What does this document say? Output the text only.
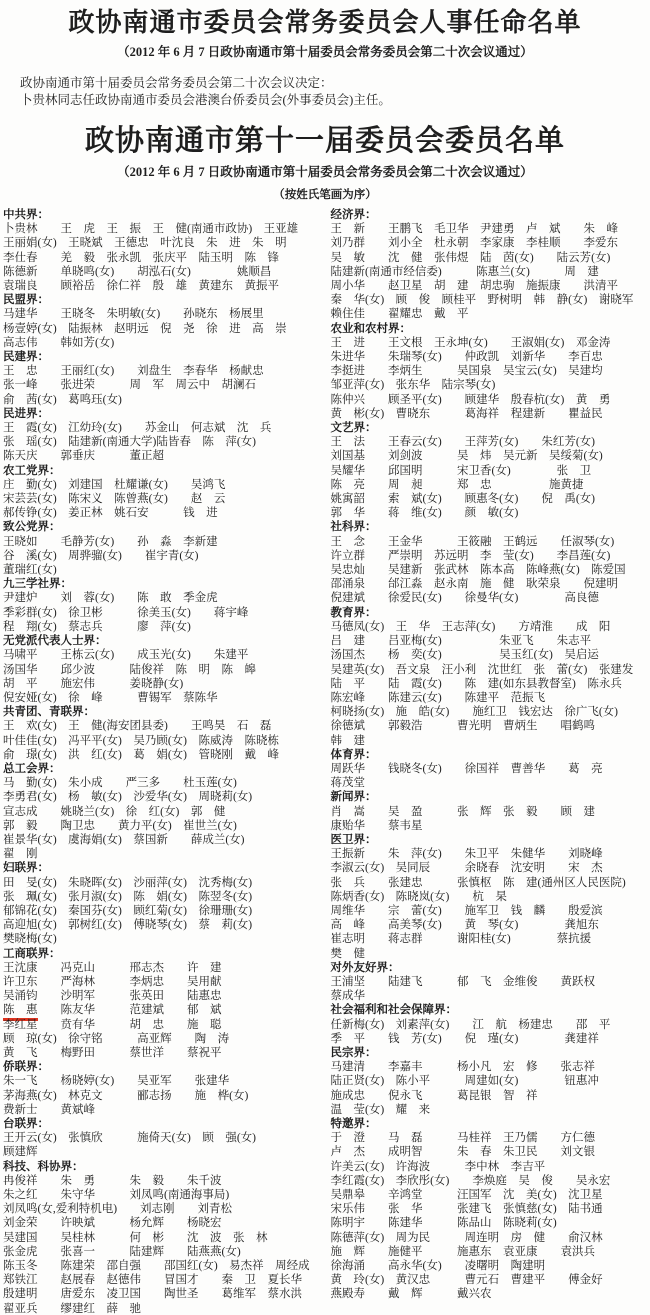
政协南通市委员会常务委员会人事任命名单
（2012 年 6 月 7 日政协南通市第十届委员会常务委员会第二十次会议通过）
政协南通市第十届委员会常务委员会第二十次会议决定：
卜贵林同志任政协南通市委员会港澳台侨委员会(外事委员会)主任。
政协南通市第十一届委员会委员名单
（2012 年 6 月 7 日政协南通市第十届委员会常务委员会第二十次会议通过）
（按姓氏笔画为序）
中共界：
卜贵林　　王　虎　王　振　王　健(南通市政协)　王亚雄
王丽娟(女)　王晓斌　王德忠　叶沈良　朱　进　朱　明
李仕春　　羌　毅　张永凯　张庆平　陆玉明　陈　锋
陈德新　　单晓鸣(女)　　胡泓石(女)　　　　姚顺昌
袁瑞良　　顾裕岳　徐仁祥　殷　雄　黄建东　黄振平
民盟界：
马建华　　王晓冬　朱明敏(女)　　孙晓东　杨展里
杨壹婷(女)　陆振林　赵明远　倪　尧　徐　进　高　崇
高志伟　　韩如芳(女)
民建界：
王　忠　　王丽红(女)　　刘盘生　李春华　杨献忠
张一峰　　张进荣　　　周　军　周云中　胡澜石
俞　茜(女)　葛鸣珏(女)
民进界：
王　霞(女)　江幼玲(女)　　苏金山　何志斌　沈　兵
张　瑶(女)　陆建新(南通大学)陆皆春　陈　萍(女)
陈天庆　　郭垂庆　　　董正超
农工党界：
庄　勤(女)　刘建国　杜耀谦(女)　　吴鸿飞
宋芸芸(女)　陈宋义　陈曾燕(女)　　赵　云
郝传铮(女)　姜正林　姚石安　　　钱　进
致公党界：
王晓如　　毛静芳(女)　　孙　淼　李新建
谷　溪(女)　周骅骝(女)　　崔宇青(女)
董瑞红(女)
九三学社界：
尹建炉　　刘　蓉(女)　　陈　敢　季金虎
季彩群(女)　徐卫彬　　　徐美玉(女)　　蒋宇峰
程　翔(女)　蔡志兵　　　廖　萍(女)
无党派代表人士界：
马啸平　　王栋云(女)　　成玉光(女)　　朱建平
汤国华　　邱少波　　　陆俊祥　陈　明　陈　皞
胡　平　　施宏伟　　　姜晓静(女)
倪安娅(女)　徐　峰　　　曹锡军　蔡陈华
共青团、青联界：
王　欢(女)　王　健(海安团县委)　　王鸣昊　石　磊
叶佳佳(女)　冯平平(女)　吴乃顾(女)　陈威涛　陈晓栋
俞　璟(女)　洪　红(女)　葛　娟(女)　管晓刚　戴　峰
总工会界：
马　勤(女)　朱小成　　严三多　　杜玉莲(女)
李勇君(女)　杨　敏(女)　沙爱华(女)　周晓莉(女)
宣志成　　姚晓兰(女)　徐　红(女)　郭　健
郭　毅　　陶卫忠　　黄力平(女)　崔世兰(女)
崔景华(女)　虞海娟(女)　蔡国新　　薛成兰(女)
翟　刚
妇联界：
田　旻(女)　朱晓晖(女)　沙丽萍(女)　沈秀梅(女)
张　珮(女)　张月淑(女)　陈　娟(女)　陈翌冬(女)
郁锦花(女)　秦国芬(女)　顾红菊(女)　徐珊珊(女)
高迎旭(女)　郭树红(女)　傅晓琴(女)　蔡　莉(女)
樊晓梅(女)
工商联界：
王沈康　　冯克山　　　邢志杰　　许　建
许卫东　　严海林　　　李炳忠　　吴用献
吴涌钧　　沙明军　　　张英田　　陆惠忠
陈　惠　　陈友华　　　范建斌　　郁　斌
李红星　　贲有华　　　胡　忠　　施　聪
顾　琼(女)　徐守铭　　　高亚辉　　陶　涛
黄　飞　　梅野田　　　蔡世洋　　蔡祝平
侨联界：
朱一飞　　杨晓婷(女)　　吴亚军　　张建华
茅海燕(女)　林克文　　　郦志扬　　施　桦(女)
费新士　　黄斌峰
台联界：
王开云(女)　张慎欣　　　施倚天(女)　顾　强(女)
顾建辉
科技、科协界：
冉俊祥　　朱　勇　　　朱　毅　　朱千波
朱之红　　朱守华　　　刘凤鸣(南通海事局)
刘凤鸣(女,爱利特机电)　　刘志刚　　刘青松
刘金荣　　许映斌　　　杨允辉　　杨晓宏
吴建国　　吴桂林　　　何　彬　　沈　波　张　林
张金虎　　张喜一　　　陆建辉　　陆燕燕(女)
陈玉冬　　陈建荣　邵自强　　邵国红(女)　易杰祥　周经成
郑铁江　　赵展春　赵德伟　　冒国才　　秦　卫　夏长华
殷建明　　唐爱东　凌卫国　　陶世圣　　葛维军　蔡水洪
翟亚兵　　缪建红　薛　驰
经济界：
王　新　　王鹏飞　毛卫华　尹建勇　卢　斌　　朱　峰
刘乃群　　刘小全　杜永朝　李家康　李桂顺　　李爱东
吴　敏　　沈　健　张伟煜　陆　茵(女)　　陆云芳(女)
陆建新(南通市经信委)　　　陈惠兰(女)　　　周　建
周小华　　赵卫星　胡　建　胡忠驹　施振康　　洪清平
秦　华(女)　顾　俊　顾桂平　野树明　韩　静(女)　谢晓军
赖住佳　　翟耀忠　戴　平
农业和农村界：
王　进　　王文根　王永坤(女)　　王淑娟(女)　邓金涛
朱进华　　朱瑞琴(女)　　仲政凯　刘新华　　李百忠
李挺进　　李炳生　　　吴国泉　吴宝云(女)　吴建均
邹亚萍(女)　张东华　陆宗琴(女)
陈仲兴　　顾圣平(女)　　顾建华　殷春杭(女)　黄　勇
黄　彬(女)　曹晓东　　　葛海祥　程建新　　瞿益民
文艺界：
王　法　　王春云(女)　　王萍芳(女)　　朱红芳(女)
刘国基　　刘剑波　　　吴　炜　吴元新　吴绥菊(女)
吴耀华　　邱国明　　　宋卫香(女)　　　　张　卫
陈　亮　　周　昶　　　郑　忠　　　　　施黄捷
姚寓韶　　索　斌(女)　　顾惠冬(女)　　倪　禹(女)
郭　华　　蒋　维(女)　　颜　敏(女)
社科界：
王　念　　王金华　　　王筱融　王鹤远　　任淑琴(女)
许立群　　严崇明　苏远明　李　莹(女)　　李昌莲(女)
吴忠灿　　吴建新　张武林　陈本高　陈峰燕(女)　陈爱国
邵涌泉　　邰江淼　赵永南　施　健　耿荣泉　　倪建明
倪建斌　　徐爱民(女)　　徐曼华(女)　　　　高良德
教育界：
马德凤(女)　王　华　王志萍(女)　　方靖淮　　成　阳
吕　建　　吕亚梅(女)　　　　　朱亚飞　　朱志平
汤国杰　　杨　奕(女)　　　　　吴玉红(女)　吴启运
吴建英(女)　吾文泉　汪小利　沈世红　张　蕾(女)　张建发
陆　平　　陆　霞(女)　　陈　建(如东县教督室)　陈永兵
陈宏峰　　陈建云(女)　　陈建平　范振飞
柯晓扬(女)　施　皓(女)　　施红卫　钱宏达　徐广飞(女)
徐德斌　　郭毅浩　　　曹光明　曹炳生　　唱鹤鸣
韩　建
体育界：
周跃华　　钱晓冬(女)　　徐国祥　曹善华　　葛　亮
蒋茂堂
新闻界：
肖　嵩　　吴　盈　　　张　辉　张　毅　　顾　建
康贻华　　蔡韦星
医卫界：
王振新　　朱　萍(女)　　朱卫平　朱健华　　刘晓峰
李淑云(女)　吴同辰　　　余晓春　沈安明　　宋　杰
张　兵　　张建忠　　　张慎枢　陈　建(通州区人民医院)
陈炳香(女)　陈晓岚(女)　　杭　杲
周维华　　宗　蕾(女)　　施军卫　钱　麟　　殷爱滨
高　峰　　高美琴(女)　　黄　琴(女)　　　　龚旭东
崔志明　　蒋志群　　　谢阳桂(女)　　　　蔡抗援
樊　健
对外友好界：
王浦坚　　陆建飞　　　郁　飞　金维俊　　黄跃权
蔡成华
社会福利和社会保障界：
任新梅(女)　刘素萍(女)　　江　航　杨建忠　　邵　平
季　平　　钱　芳(女)　　倪　瑾(女)　　　　龚建祥
民宗界：
马建清　　李嘉丰　　　杨小凡　宏　修　　张志祥
陆正贤(女)　陈小平　　　周建如(女)　　　　钮惠冲
施成忠　　倪永飞　　　葛昆银　智　祥
温　莹(女)　耀　来
特邀界：
于　澄　　马　磊　　　马桂祥　王乃儒　　方仁德
卢　杰　　成明智　　　朱　春　朱卫民　　刘文银
许美云(女)　许海波　　　李中林　李吉平
李红霞(女)　李欣彤(女)　　李焕庭　吴　俊　　吴永宏
吴鼎皋　　辛鸿堂　　　汪国军　沈　美(女)　沈卫星
宋乐伟　　张　华　　　张建飞　张慎慈(女)　陆书通
陈明宇　　陈建华　　　陈品山　陈晓莉(女)
陈德萍(女)　周为民　　　周连明　房　健　　俞汉林
施　辉　　施健平　　　施惠东　袁亚康　　袁洪兵
徐海涌　　高永华(女)　　凌曙明　陶建明
黄　玲(女)　黄汉忠　　　曹元石　曹建平　　傅金好
燕殿寿　　戴　辉　　　戴兴农
